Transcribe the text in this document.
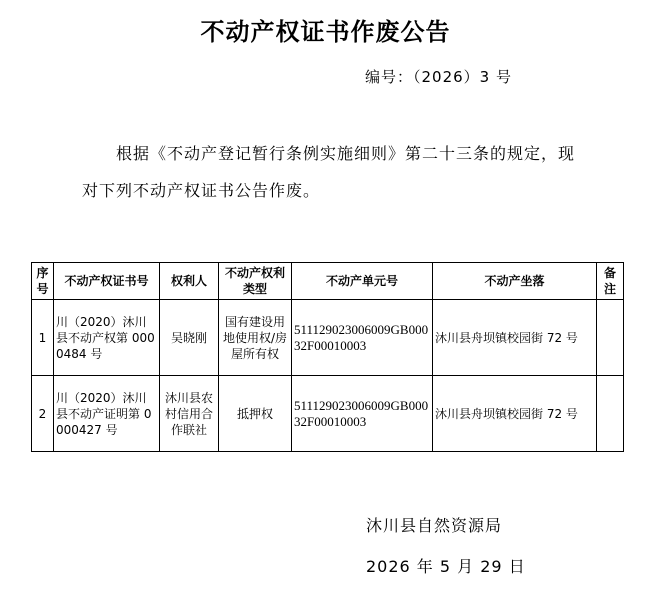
不动产权证书作废公告
编号：（2026）3 号
根据《不动产登记暂行条例实施细则》第二十三条的规定，现对下列不动产权证书公告作废。
序号	不动产权证书号	权利人	不动产权利类型	不动产单元号	不动产坐落	备注
1	川（2020）沐川县不动产权第 0000484 号	吴晓刚	国有建设用地使用权/房屋所有权	511129023006009GB00032F00010003	沐川县舟坝镇校园街 72 号	
2	川（2020）沐川县不动产证明第 0000427 号	沐川县农村信用合作联社	抵押权	511129023006009GB00032F00010003	沐川县舟坝镇校园街 72 号	
沐川县自然资源局
2026 年 5 月 29 日
